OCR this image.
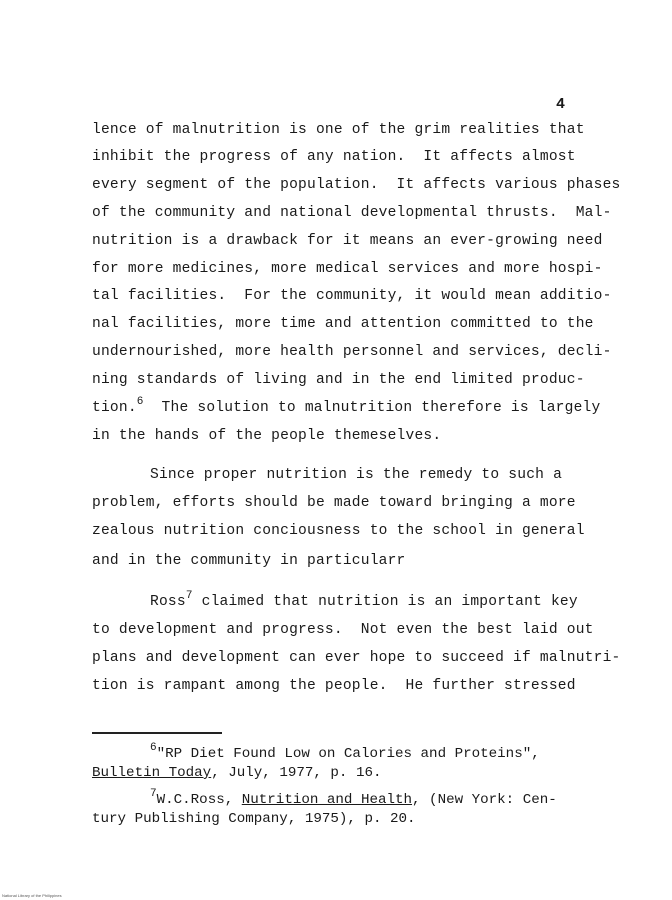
4
lence of malnutrition is one of the grim realities that
inhibit the progress of any nation.  It affects almost
every segment of the population.  It affects various phases
of the community and national developmental thrusts.  Mal-
nutrition is a drawback for it means an ever-growing need
for more medicines, more medical services and more hospi-
tal facilities.  For the community, it would mean additio-
nal facilities, more time and attention committed to the
undernourished, more health personnel and services, decli-
ning standards of living and in the end limited produc-
tion.$^6$  The solution to malnutrition therefore is largely
in the hands of the people themeselves.
Since proper nutrition is the remedy to such a
problem, efforts should be made toward bringing a more
zealous nutrition conciousness to the school in general
and in the community in particularr
Ross$^7$ claimed that nutrition is an important key
to development and progress.  Not even the best laid out
plans and development can ever hope to succeed if malnutri-
tion is rampant among the people.  He further stressed
$^6$"RP Diet Found Low on Calories and Proteins",
Bulletin Today, July, 1977, p. 16.
$^7$W.C.Ross, Nutrition and Health, (New York: Cen-
tury Publishing Company, 1975), p. 20.
National Library of the Philippines
